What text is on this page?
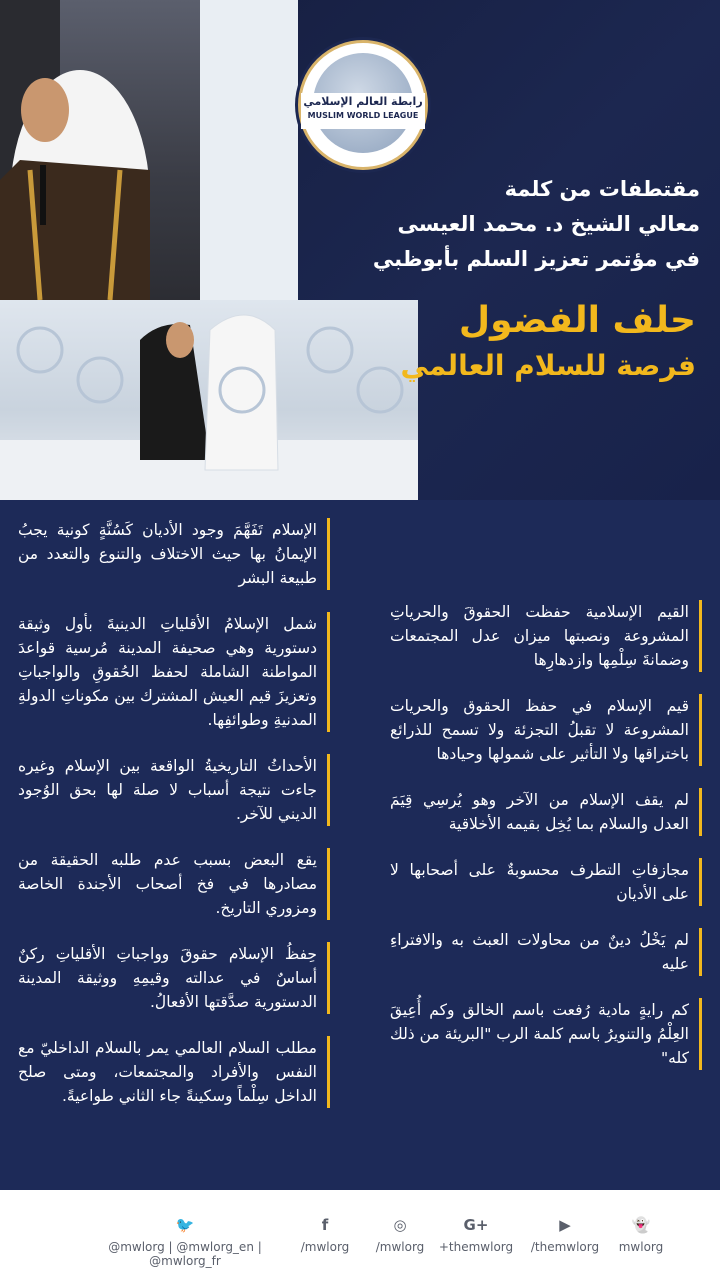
رابطة العالم الإسلامي
MUSLIM WORLD LEAGUE
مقتطفات من كلمة
معالي الشيخ د. محمد العيسى
في مؤتمر تعزيز السلم بأبوظبي
حلف الفضول
فرصة للسلام العالمي

الإسلام تَفَهَّمَ وجود الأديان كَسُنَّةٍ كونية يجبُ الإيمانُ بها حيث الاختلاف والتنوع والتعدد من طبيعة البشر

شمل الإسلامُ الأقلياتِ الدينيةَ بأول وثيقة دستورية وهي صحيفة المدينة مُرسية قواعدَ المواطنة الشاملة لحفظ الحُقوقِ والواجباتِ وتعزيزَ قيم العيش المشترك بين مكوناتِ الدولةِ المدنيةِ وطوائفِها.

الأحداثُ التاريخيةُ الواقعة بين الإسلام وغيره جاءت نتيجة أسباب لا صلة لها بحق الوُجود الديني للآخر.

يقع البعض بسبب عدم طلبه الحقيقة من مصادرها في فخ أصحاب الأجندة الخاصة ومزوري التاريخ.

حِفظُ الإسلام حقوقَ وواجباتِ الأقلياتِ ركنٌ أساسٌ في عدالته وقيمِهِ ووثيقة المدينة الدستورية صدَّقتها الأفعالُ.

مطلب السلام العالمي يمر بالسلام الداخليّ مع النفس والأفراد والمجتمعات، ومتى صلح الداخل سِلْماً وسكينةً جاء الثاني طواعيةً.

القيم الإسلامية حفظت الحقوقَ والحرياتِ المشروعة ونصبتها ميزان عدل المجتمعات وضمانةَ سِلْمِها وازدهارِها

قيم الإسلام في حفظ الحقوق والحريات المشروعة لا تقبلُ التجزئة ولا تسمح للذرائع باختراقها ولا التأثير على شمولها وحيادها

لم يقف الإسلام من الآخر وهو يُرسِي قِيَمَ العدل والسلام بما يُخِل بقيمه الأخلاقية

مجازفاتِ التطرف محسوبةٌ على أصحابها لا على الأديان

لم يَخْلُ دينٌ من محاولات العبث به والافتراءِ عليه

كم رايةٍ مادية رُفعت باسم الخالق وكم أُعِيقَ العِلْمُ والتنويرُ باسم كلمة الرب "البريئة من ذلك كله"

🐦
@mwlorg | @mwlorg_en | @mwlorg_fr
f
/mwlorg
◎
/mwlorg
G+
+themwlorg
▶
/themwlorg
👻
mwlorg
